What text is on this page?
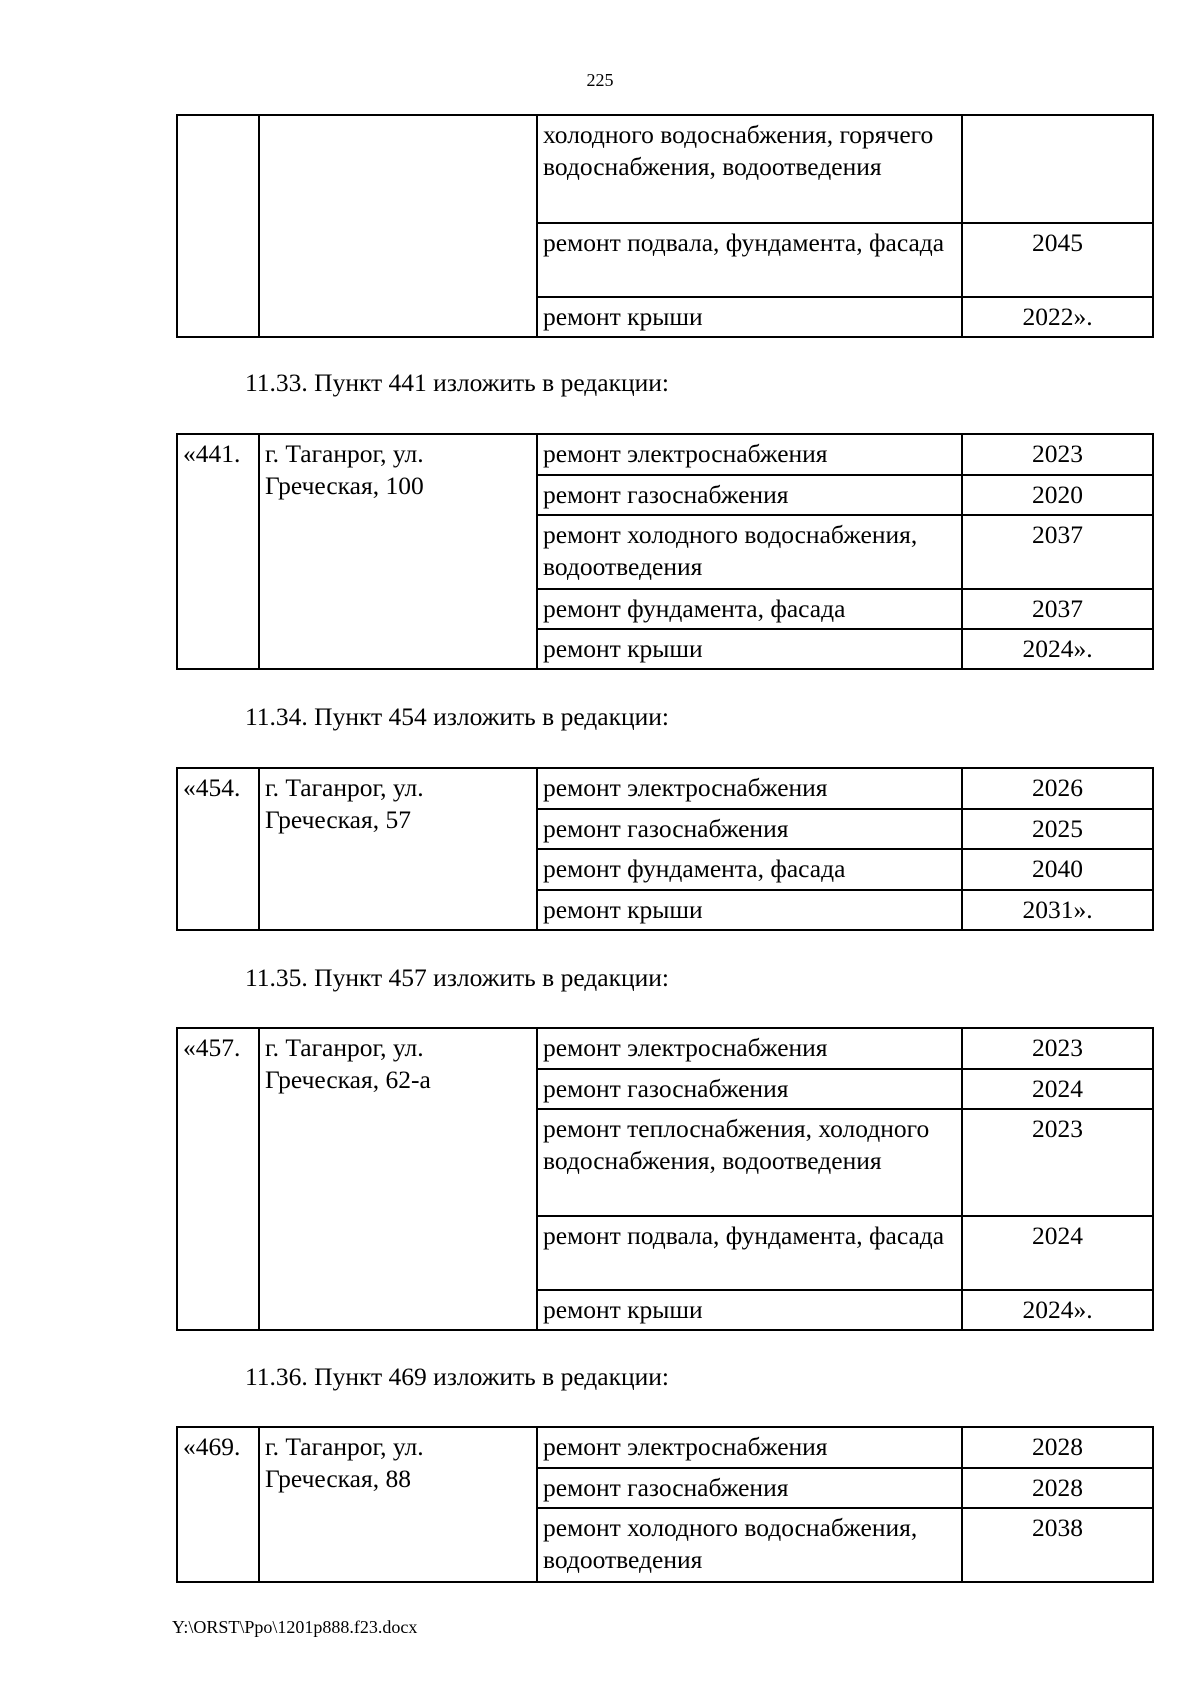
225
		холодного водоснабжения, горячего водоснабжения, водоотведения	
		ремонт подвала, фундамента, фасада	2045
		ремонт крыши	2022».
11.33. Пункт 441 изложить в редакции:
«441.	г. Таганрог, ул. Греческая, 100	ремонт электроснабжения	2023
		ремонт газоснабжения	2020
		ремонт холодного водоснабжения, водоотведения	2037
		ремонт фундамента, фасада	2037
		ремонт крыши	2024».
11.34. Пункт 454 изложить в редакции:
«454.	г. Таганрог, ул. Греческая, 57	ремонт электроснабжения	2026
		ремонт газоснабжения	2025
		ремонт фундамента, фасада	2040
		ремонт крыши	2031».
11.35. Пункт 457 изложить в редакции:
«457.	г. Таганрог, ул. Греческая, 62-а	ремонт электроснабжения	2023
		ремонт газоснабжения	2024
		ремонт теплоснабжения, холодного водоснабжения, водоотведения	2023
		ремонт подвала, фундамента, фасада	2024
		ремонт крыши	2024».
11.36. Пункт 469 изложить в редакции:
«469.	г. Таганрог, ул. Греческая, 88	ремонт электроснабжения	2028
		ремонт газоснабжения	2028
		ремонт холодного водоснабжения, водоотведения	2038
Y:\ORST\Ppo\1201p888.f23.docx
